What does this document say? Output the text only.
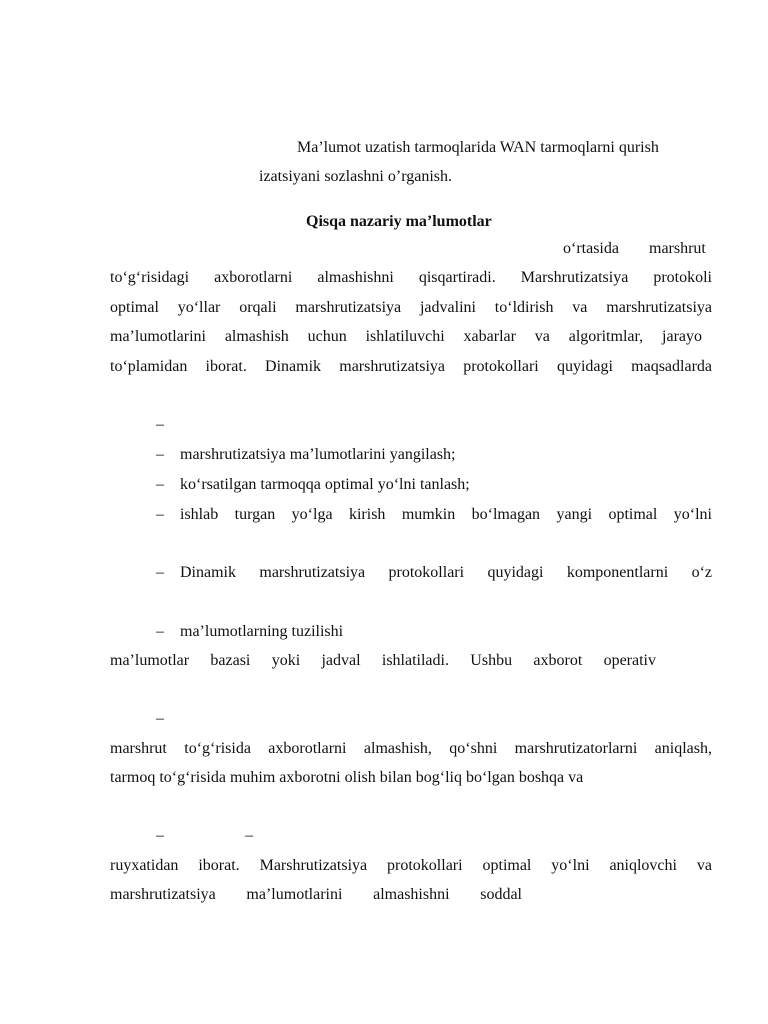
Ma’lumot uzatish tarmoqlarida WAN tarmoqlarni qurish
izatsiyani sozlashni o’rganish.
Qisqa nazariy ma’lumotlar
o‘rtasida marshrut
to‘g‘risidagi axborotlarni almashishni qisqartiradi. Marshrutizatsiya protokoli
optimal yo‘llar orqali marshrutizatsiya jadvalini to‘ldirish va marshrutizatsiya
ma’lumotlarini almashish uchun ishlatiluvchi xabarlar va algoritmlar, jarayo
to‘plamidan iborat. Dinamik marshrutizatsiya protokollari quyidagi maqsadlarda
–
– marshrutizatsiya ma’lumotlarini yangilash;
– ko‘rsatilgan tarmoqqa optimal yo‘lni tanlash;
–	ishlab turgan yo‘lga kirish mumkin bo‘lmagan yangi optimal yo‘lni
–	Dinamik marshrutizatsiya protokollari quyidagi komponentlarni o‘z
– ma’lumotlarning tuzilishi
ma’lumotlar bazasi yoki jadval ishlatiladi. Ushbu axborot operativ
–
marshrut to‘g‘risida axborotlarni almashish, qo‘shni marshrutizatorlarni aniqlash,
tarmoq to‘g‘risida muhim axborotni olish bilan bog‘liq bo‘lgan boshqa va
–	–
ruyxatidan iborat. Marshrutizatsiya protokollari optimal yo‘lni aniqlovchi va
marshrutizatsiya ma’lumotlarini almashishni soddal
